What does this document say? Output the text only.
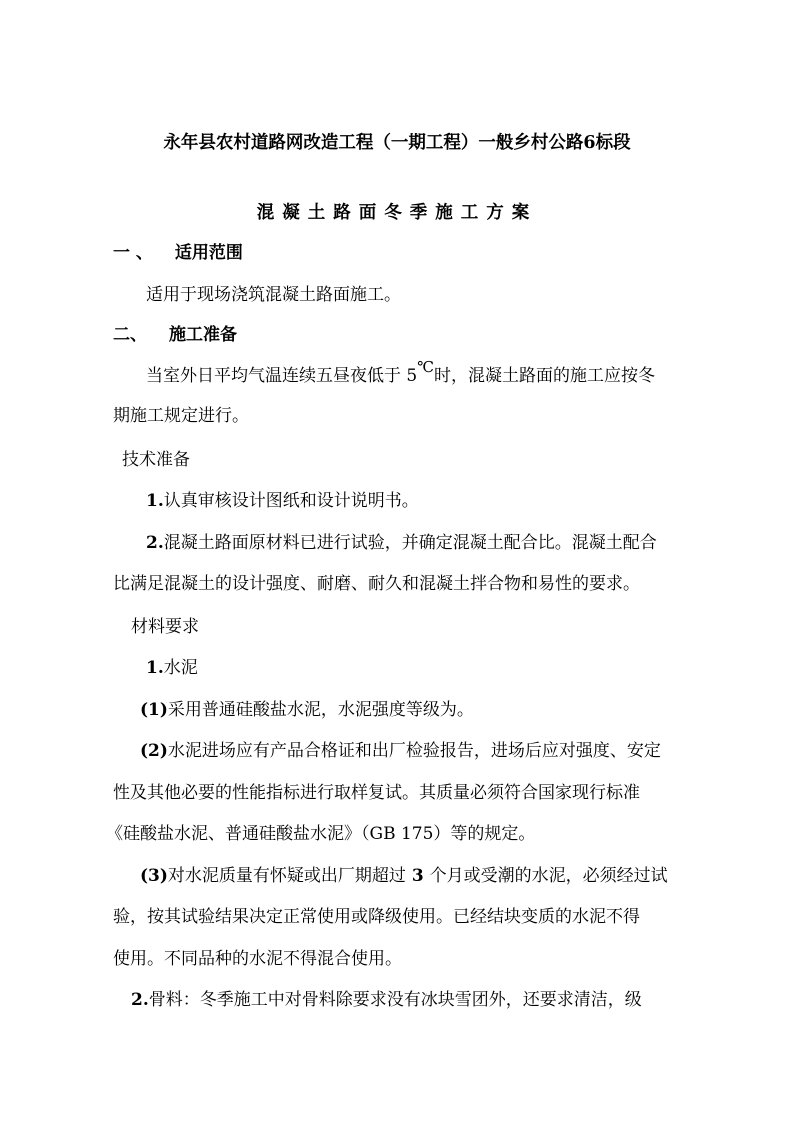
永年县农村道路网改造工程（一期工程）一般乡村公路6标段
混凝土路面冬季施工方案
一 、 适用范围
适用于现场浇筑混凝土路面施工。
二、 施工准备
当室外日平均气温连续五昼夜低于 5℃时，混凝土路面的施工应按冬
期施工规定进行。
技术准备
1.认真审核设计图纸和设计说明书。
2.混凝土路面原材料已进行试验，并确定混凝土配合比。混凝土配合
比满足混凝土的设计强度、耐磨、耐久和混凝土拌合物和易性的要求。
材料要求
1.水泥
(1)采用普通硅酸盐水泥，水泥强度等级为。
(2)水泥进场应有产品合格证和出厂检验报告，进场后应对强度、安定
性及其他必要的性能指标进行取样复试。其质量必须符合国家现行标准
《硅酸盐水泥、普通硅酸盐水泥》（GB 175）等的规定。
(3)对水泥质量有怀疑或出厂期超过 3 个月或受潮的水泥，必须经过试
验，按其试验结果决定正常使用或降级使用。已经结块变质的水泥不得
使用。不同品种的水泥不得混合使用。
2.骨料：冬季施工中对骨料除要求没有冰块雪团外，还要求清洁，级
